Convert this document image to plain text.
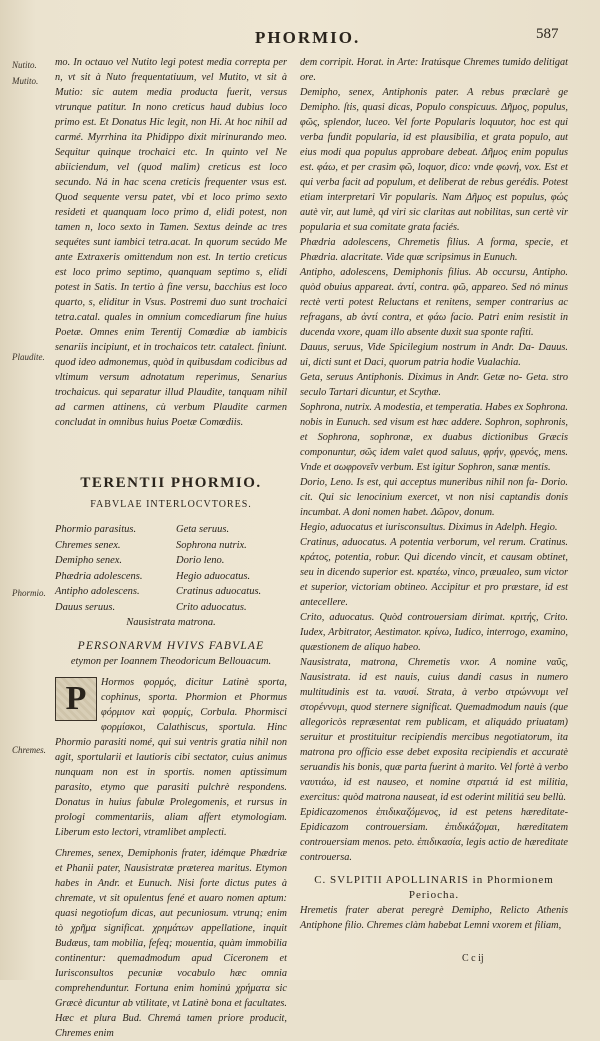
PHORMIO.	587
Nutito.
Mutito.
Plaudite.
Phormio.
Chremes.

mo. In octauo vel Nutito legi potest media correpta per n, vt sit à Nuto frequentatiuum, vel Mutito, vt sit à Mutio: sic autem media producta fuerit, versus vtrunque patitur. In nono creticus haud dubius loco primo est. Et Donatus Hic legit, non Hi. At hoc nihil ad carmé. Myrrhina ita Phidippo dixit mirinurando meo. Sequitur quinque trochaici etc. In quinto vel Ne abiiciendum, vel (quod malim) creticus est loco secundo. Ná in hac scena creticis frequenter vsus est. Quod sequente versu patet, vbi et loco primo sexto resideti et quanquam loco primo d, elidi potest, non tamen n, loco sexto in Tamen. Sextus deinde ac tres sequétes sunt iambici tetra.acat. In quorum secúdo Me ante Extraxeris omittendum non est. In tertio creticus est loco primo septimo, quanquam septimo s, elidi potest in Satis. In tertio à fine versu, bacchius est loco quarto, s, eliditur in Vsus. Postremi duo sunt trochaici tetra.catal. quales in omnium comcediarum fine huius Poetæ. Omnes enim Terentij Comœdiæ ab iambicis senariis incipiunt, et in trochaicos tetr. catalect. finiunt. quod ideo admonemus, quòd in quibusdam codicibus ad vltimum versum adnotatum reperimus, Senarius trochaicus. qui separatur illud Plaudite, tanquam nihil ad carmen attinens, cù verbum Plaudite carmen concludat in omnibus huius Poetæ Comœdiis.

TERENTII PHORMIO.
FABVLAE INTERLOCVTORES.
Phormio parasitus.	Geta seruus.
Chremes senex.	Sophrona nutrix.
Demipho senex.	Dorio leno.
Phædria adolescens.	Hegio aduocatus.
Antipho adolescens.	Cratinus aduocatus.
Dauus seruus.	Crito aduocatus.
Nausistrata matrona.
PERSONARVM HVIVS FABVLAE
etymon per Ioannem Theodoricum Bellouacum.
P	Hormos φορμός, dicitur Latinè sporta, cophinus, sporta. Phormion et Phormus φόρμιον καὶ φορμίς, Corbula. Phormisci φορμίσκοι, Calathiscus, sportula. Hinc Phormio parasiti nomé, qui sui ventris gratia nihil non agit, sportularii et lautioris cibi sectator, cuius animus nunquam non est in sportis. nomen aptissimum parasito, etymo que parasiti pulchrè respondens. Donatus in huius fabulæ Prolegomenis, et rursus in prologi commentariis, aliam affert etymologiam. Liberum esto lectori, vtramlibet amplecti.

Chremes, senex, Demiphonis frater, idémque Phædriæ et Phanii pater, Nausistratæ præterea maritus. Etymon habes in Andr. et Eunuch. Nisi forte dictus putes à chremate, vt sit opulentus fené et auaro nomen aptum: quasi negotiofum dicas, aut pecuniosum. vtrunq; enim tò χρῆμα significat. χρημάτων appellatione, inquit Budæus, tam mobilia, fefeq; mouentia, quàm immobilia continentur: quemadmodum apud Ciceronem et Iurisconsultos pecuniæ vocabulo hæc omnia comprehenduntur. Fortuna enim hominú χρήματα sic Græcè dicuntur ab vtilitate, vt Latinè bona et facultates. Hæc et plura Bud. Chremá tamen priore producit, Chremes enim

dem corripit. Horat. in Arte: Iratúsque Chremes tumido delitigat ore.

Demipho, senex, Antiphonis pater. A rebus præclarè ge Demipho. ſtis, quasi dicas, Populo conspicuus. Δῆμος, populus, φῶς, splendor, luceo. Vel forte Popularis loquutor, hoc est qui verba fundit popularia, id est plausibilia, et grata populo, aut eius modi qua populus approbare debeat. Δῆμος enim populus est. φάω, et per crasim φῶ, loquor, dico: vnde φωνή, vox. Est et qui verba facit ad populum, et deliberat de rebus gerédis. Potest etiam interpretari Vir popularis. Nam Δῆμος est populus, φώς autè vir, aut lumè, qd viri sic claritas aut nobilitas, sun certè vir popularia et sua comitate grata faciés.

Phædria adolescens, Chremetis filius. A forma, specie, et Phædria. alacritate. Vide quæ scripsimus in Eunuch.

Antipho, adolescens, Demiphonis filius. Ab occursu, Antipho. quòd obuius appareat. ἀντί, contra. φῶ, appareo. Sed nó minus rectè verti potest Reluctans et renitens, semper contrarius ac refragans, ab ἀντί contra, et φάω facio. Patri enim resistit in ducenda vxore, quam illo absente duxit sua sponte rafiti.

Dauus, seruus, Vide Spicilegium nostrum in Andr. Da- Dauus. ui, dicti sunt et Daci, quorum patria hodie Vualachia.

Geta, seruus Antiphonis. Diximus in Andr. Getæ no- Geta. stro seculo Tartari dicuntur, et Scythæ.

Sophrona, nutrix. A modestia, et temperatia. Habes ex Sophrona. nobis in Eunuch. sed visum est hæc addere. Sophron, sophronis, et Sophrona, sophronæ, ex duabus dictionibus Græcis componuntur, σῶς idem valet quod saluus, φρήν, φρενός, mens. Vnde et σωφρονεῖν verbum. Est igitur Sophron, sanæ mentis.

Dorio, Leno. Is est, qui acceptus muneribus nihil non fa- Dorio. cit. Qui sic lenocinium exercet, vt non nisi captandis donis incumbat. A doni nomen habet. Δῶρον, donum.

Hegio, aduocatus et iurisconsultus. Diximus in Adelph. Hegio.

Cratinus, aduocatus. A potentia verborum, vel rerum. Cratinus. κράτος, potentia, robur. Qui dicendo vincit, et causam obtinet, seu in dicendo superior est. κρατέω, vinco, præualeo, sum victor et superior, victoriam obtineo. Accipitur et pro præstare, id est antecellere.

Crito, aduocatus. Quòd controuersiam dirimat. κριτής, Crito. Iudex, Arbitrator, Aestimator. κρίνω, Iudico, interrogo, examino, quæstionem de aliquo habeo.

Nausistrata, matrona, Chremetis vxor. A nomine ναῦς, Nausistrata. id est nauis, cuius dandi casus in numero multitudinis est ta. ναυσί. Strata, à verbo στρώννυμι vel στορέννυμι, quod sternere significat. Quemadmodum nauis (que allegoricòs repræsentat rem publicam, et aliquádo priuatam) seruitur et prostituitur recipiendis mercibus negotiatorum, ita matrona pro officio esse debet exposita recipiendis et accuratè seruandis his bonis, quæ parta fuerint à marito. Vel fortè à verbo ναυτιάω, id est nauseo, et nomine στρατιά id est militia, exercitus: quòd matrona nauseat, id est oderint militiá seu bellù.

Epidicazomenos ἐπιδικαζόμενος, id est petens hæreditate- Epidicazom controuersiam. ἐπιδικάζομαι, hæreditatem controuersiam menos. peto. ἐπιδικασία, legis actio de hæreditate controuersa.

C. SVLPITII APOLLINARIS in Phormionem Periocha.

Hremetis frater aberat peregrè Demipho, Relicto Athenis Antiphone filio. Chremes clàm habebat Lemni vxorem et filiam,

C c ij
